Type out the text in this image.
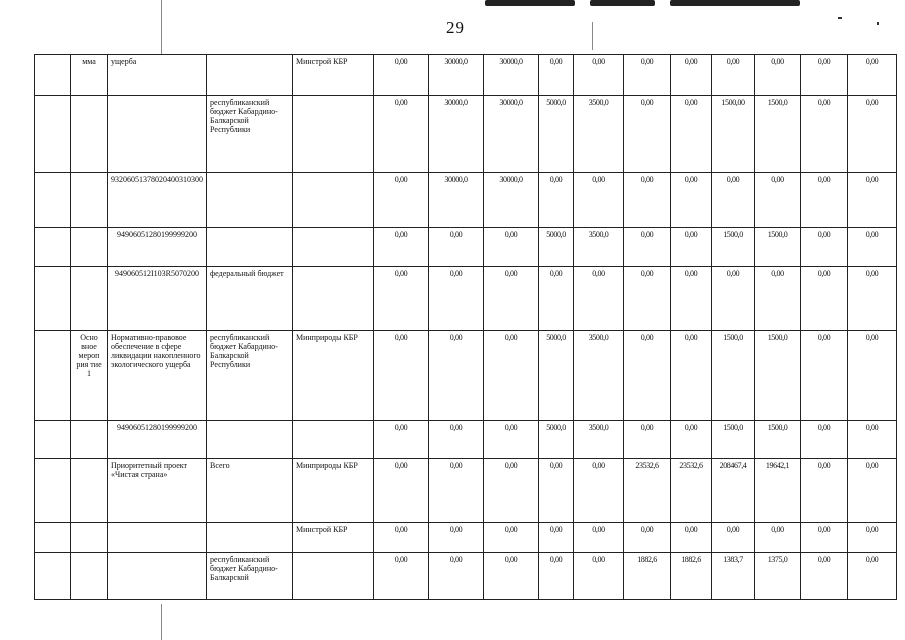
29
	мма	ущерба		Минстрой КБР	0,00	30000,0	30000,0	0,00	0,00	0,00	0,00	0,00	0,00	0,00	0,00
			республиканский бюджет Кабардино-Балкарской Республики		0,00	30000,0	30000,0	5000,0	3500,0	0,00	0,00	1500,00	1500,0	0,00	0,00
		93206051378020400310300			0,00	30000,0	30000,0	0,00	0,00	0,00	0,00	0,00	0,00	0,00	0,00
		94906051280199999200			0,00	0,00	0,00	5000,0	3500,0	0,00	0,00	1500,0	1500,0	0,00	0,00
		949060512I103R5070200	федеральный бюджет		0,00	0,00	0,00	0,00	0,00	0,00	0,00	0,00	0,00	0,00	0,00
	Осно вное мероп рия тие 1	Нормативно-правовое обеспечение в сфере ликвидации накопленного экологического ущерба	республиканский бюджет Кабардино-Балкарской Республики	Минприроды КБР	0,00	0,00	0,00	5000,0	3500,0	0,00	0,00	1500,0	1500,0	0,00	0,00
		94906051280199999200			0,00	0,00	0,00	5000,0	3500,0	0,00	0,00	1500,0	1500,0	0,00	0,00
		Приоритетный проект «Чистая страна»	Всего	Минприроды КБР	0,00	0,00	0,00	0,00	0,00	23532,6	23532,6	208467,4	19642,1	0,00	0,00
				Минстрой КБР	0,00	0,00	0,00	0,00	0,00	0,00	0,00	0,00	0,00	0,00	0,00
			республиканский бюджет Кабардино-Балкарской		0,00	0,00	0,00	0,00	0,00	1882,6	1882,6	1383,7	1375,0	0,00	0,00
